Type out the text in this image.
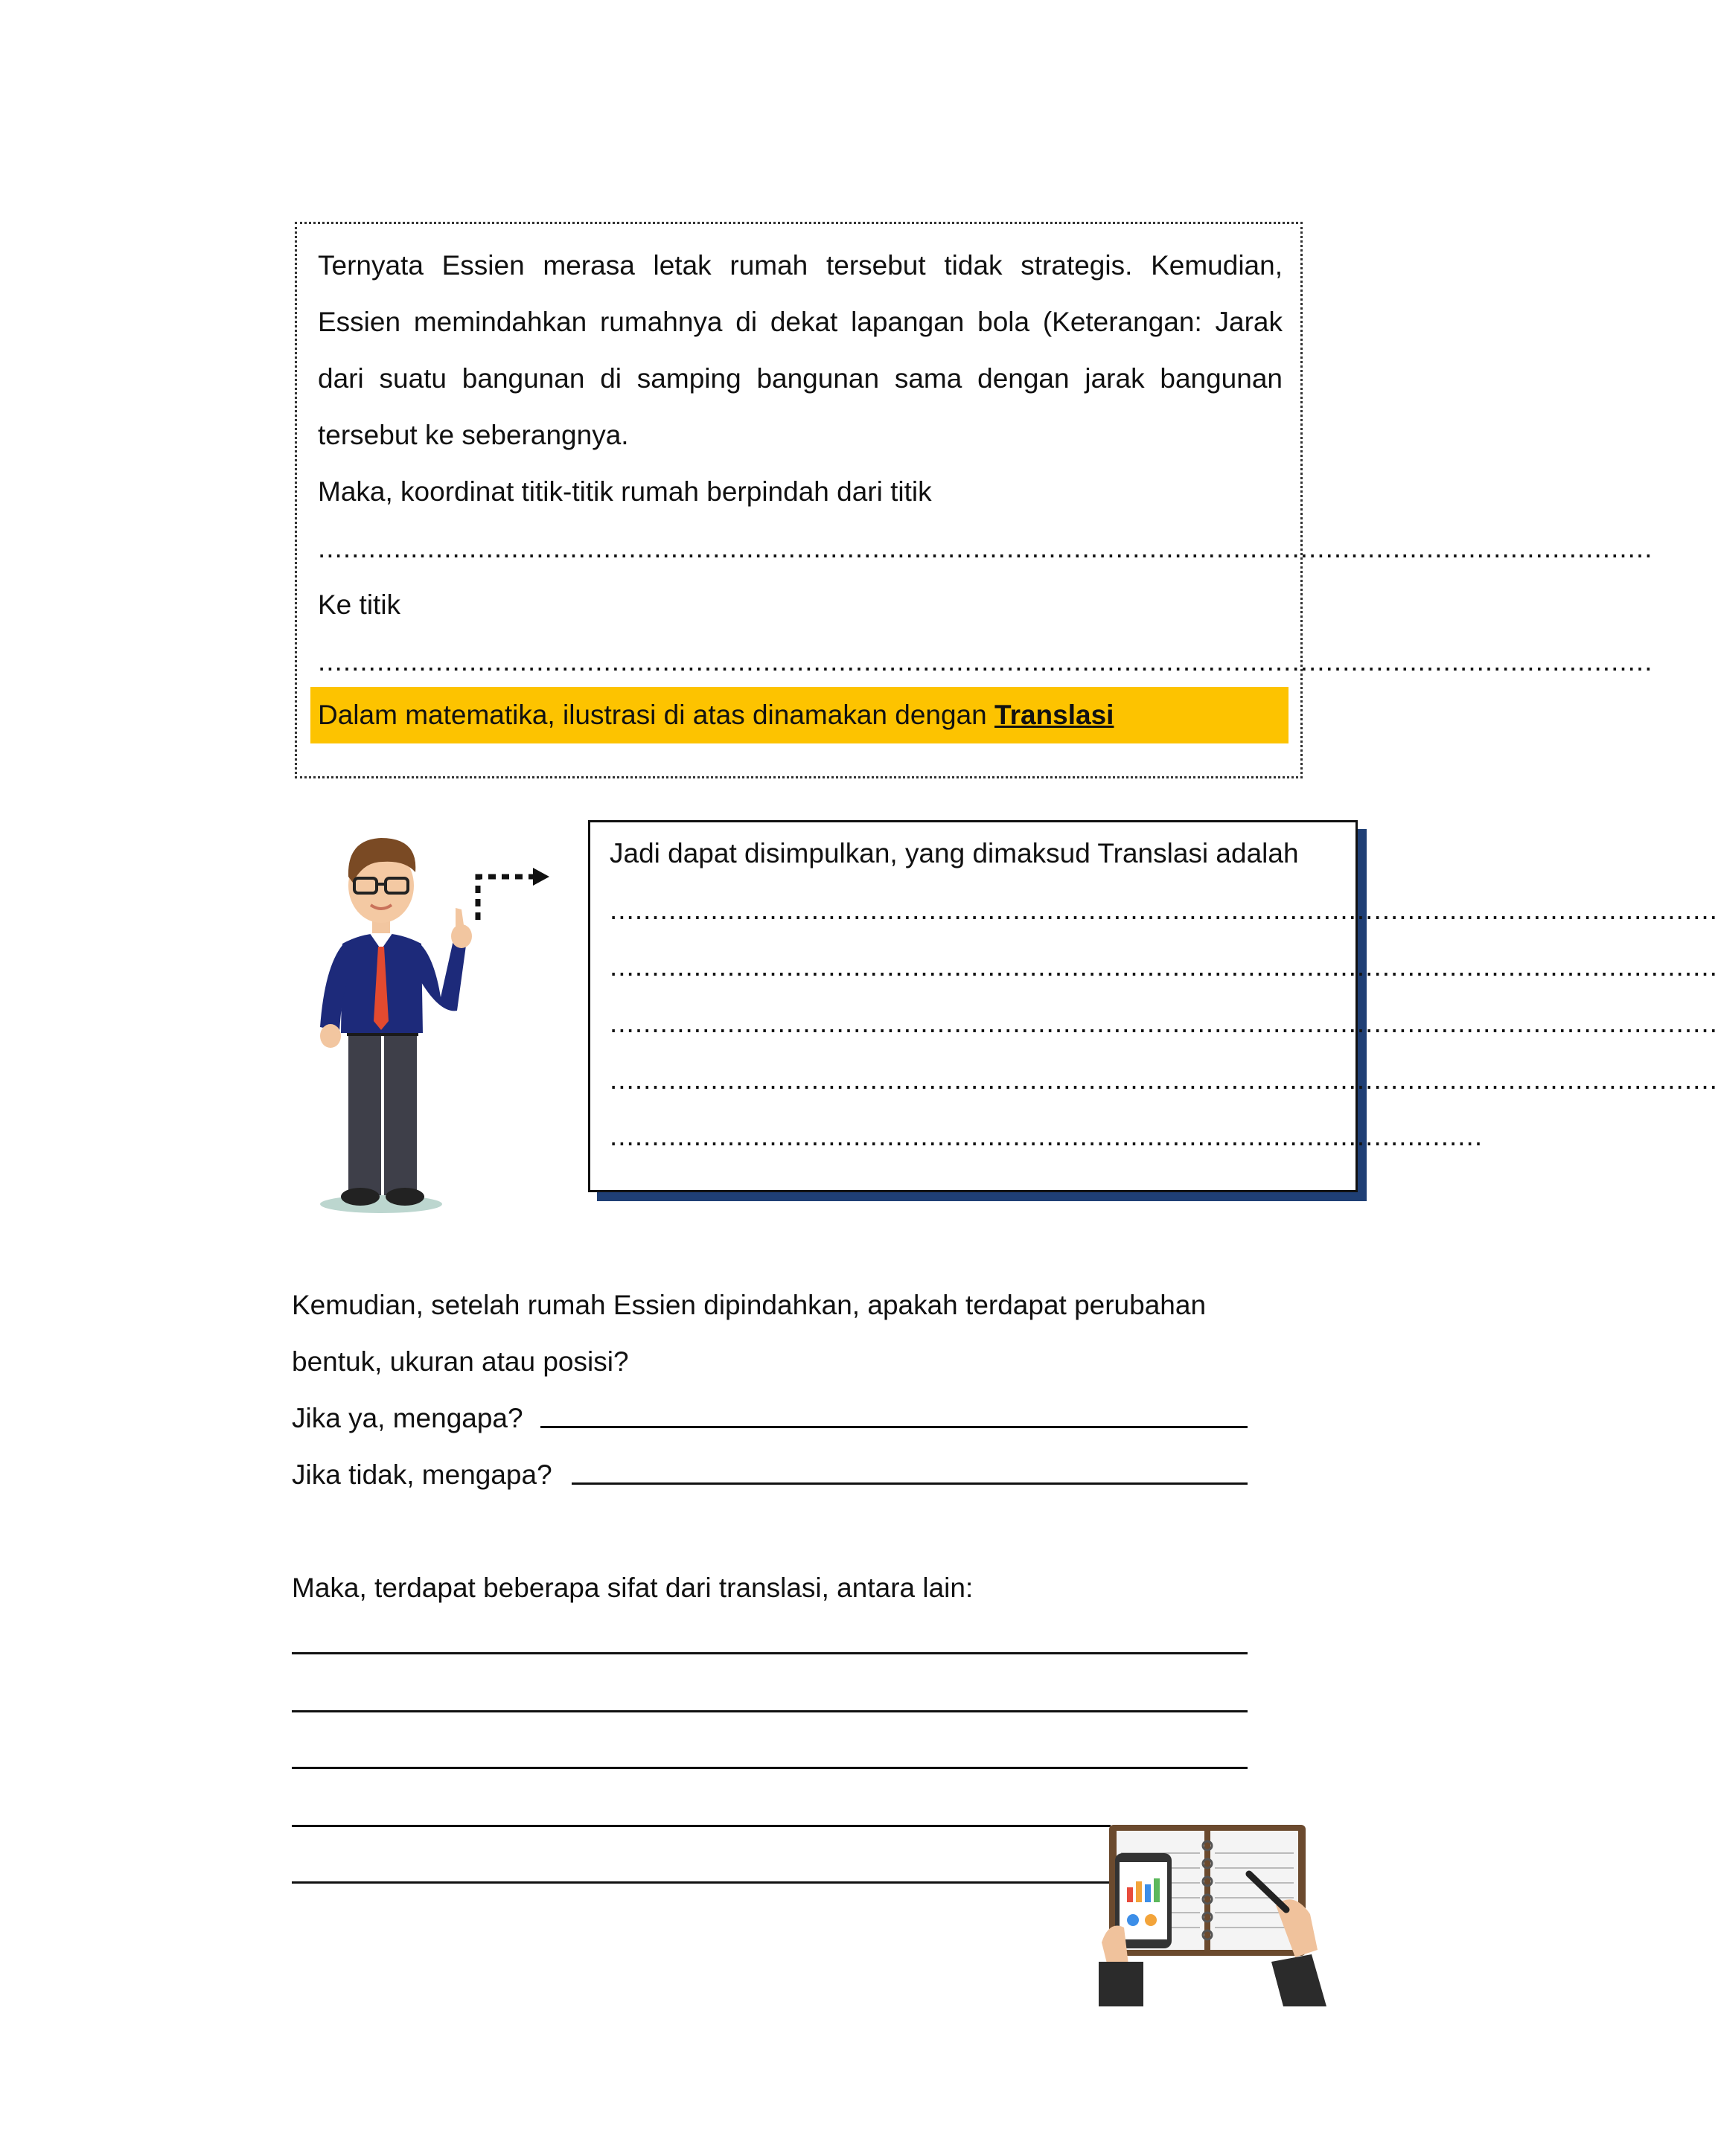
Ternyata Essien merasa letak rumah tersebut tidak strategis. Kemudian,
Essien memindahkan rumahnya di dekat lapangan bola (Keterangan: Jarak
dari suatu bangunan di samping bangunan sama dengan jarak bangunan
tersebut ke seberangnya.
Maka, koordinat titik-titik rumah berpindah dari titik
...............................................................................................................................................................
Ke titik
...............................................................................................................................................................
Dalam matematika, ilustrasi di atas dinamakan dengan Translasi
Jadi dapat disimpulkan, yang dimaksud Translasi adalah
....................................................................................................................................
....................................................................................................................................
....................................................................................................................................
....................................................................................................................................
........................................................................................................
Kemudian, setelah rumah Essien dipindahkan, apakah terdapat perubahan
bentuk, ukuran atau posisi?
Jika ya, mengapa?
Jika tidak, mengapa?
Maka, terdapat beberapa sifat dari translasi, antara lain:
